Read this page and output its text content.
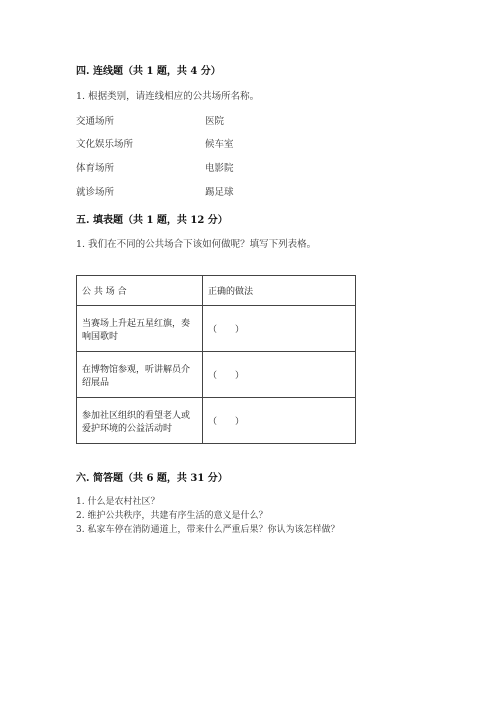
四. 连线题（共 1 题，共 4 分）
1. 根据类别，请连线相应的公共场所名称。
交通场所	医院
文化娱乐场所	候车室
体育场所	电影院
就诊场所	踢足球
五. 填表题（共 1 题，共 12 分）
1. 我们在不同的公共场合下该如何做呢？填写下列表格。
公 共 场 合	正确的做法
当赛场上升起五星红旗，奏响国歌时	（　　）
在博物馆参观，听讲解员介绍展品	（　　）
参加社区组织的看望老人或爱护环境的公益活动时	（　　）
六. 简答题（共 6 题，共 31 分）
1. 什么是农村社区？
2. 维护公共秩序，共建有序生活的意义是什么？
3. 私家车停在消防通道上，带来什么严重后果？你认为该怎样做？
